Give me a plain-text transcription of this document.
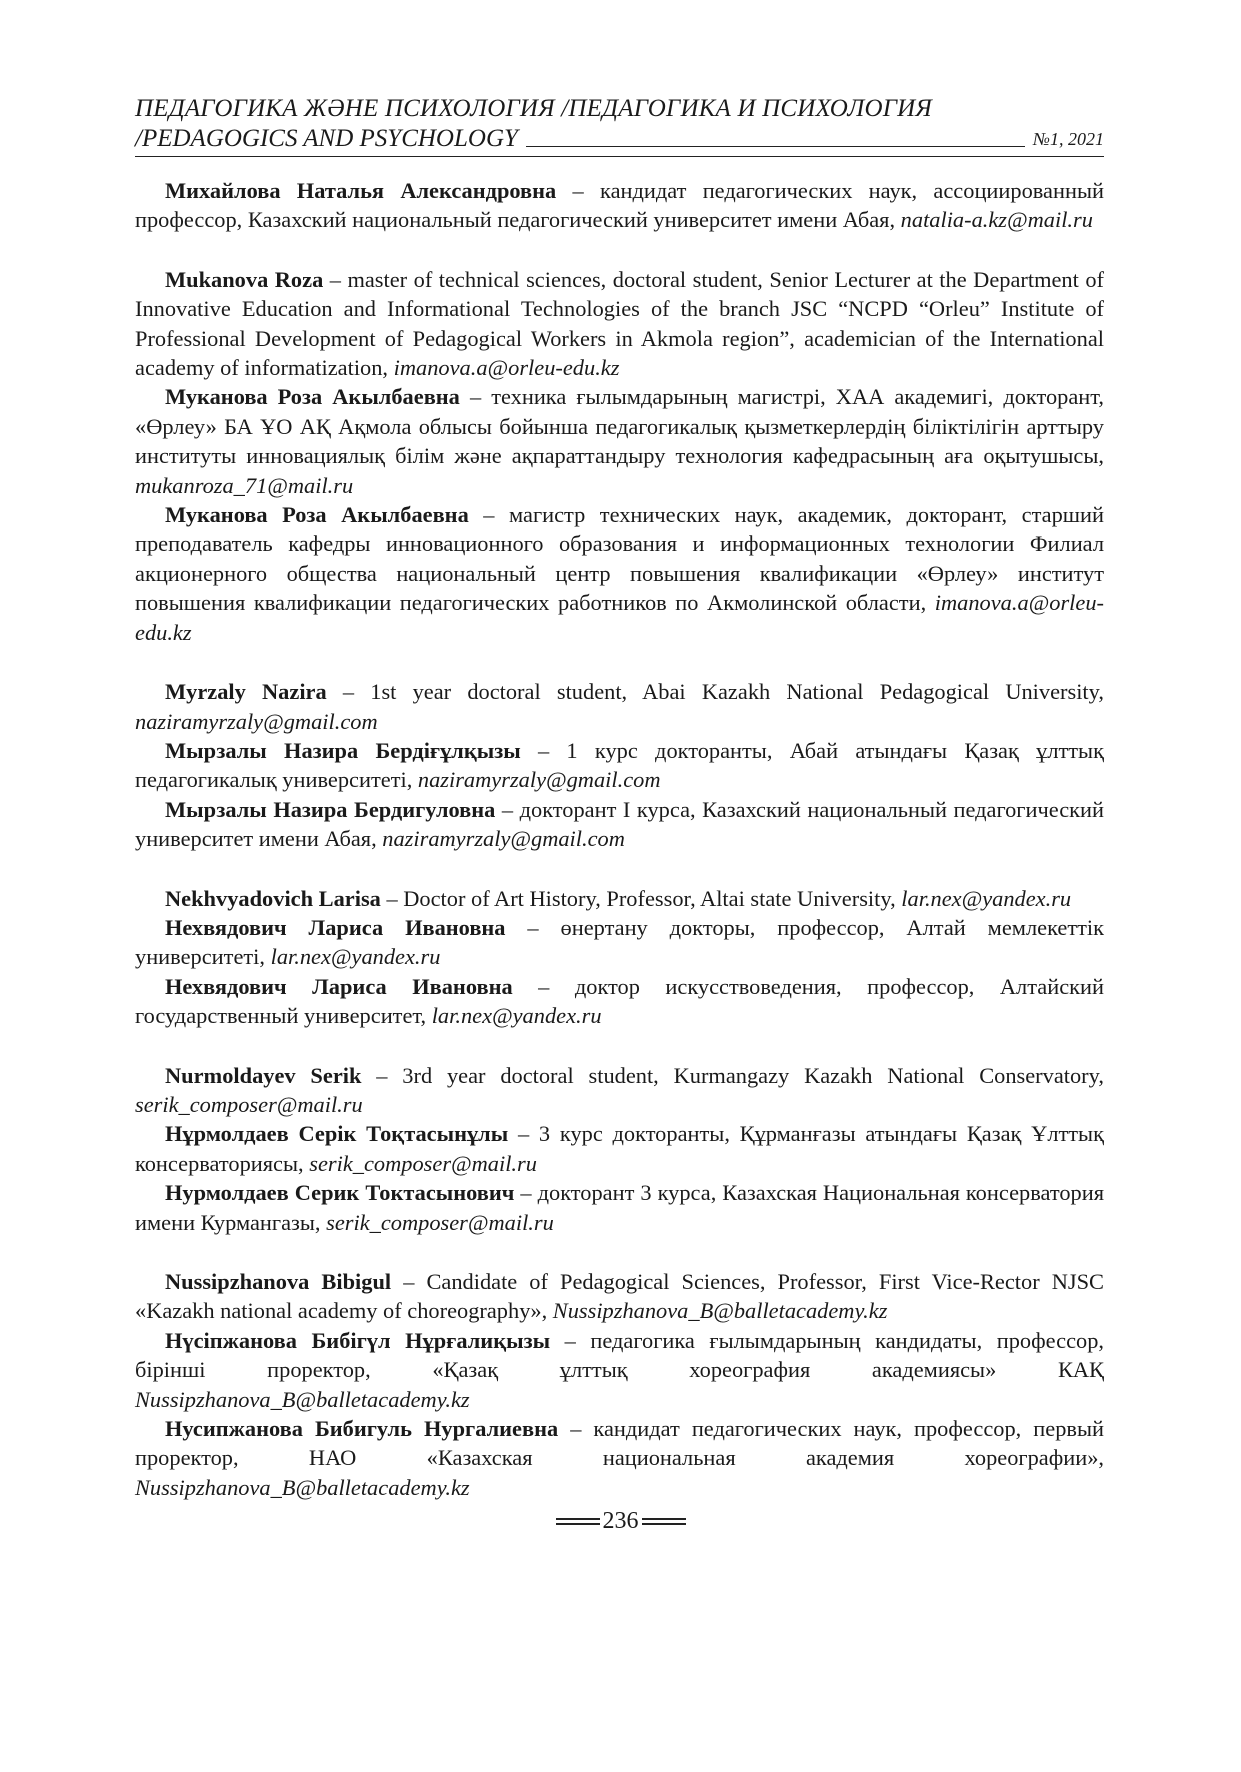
ПЕДАГОГИКА ЖӘНЕ ПСИХОЛОГИЯ /ПЕДАГОГИКА И ПСИХОЛОГИЯ
/PEDAGOGICS AND PSYCHOLOGY	№1, 2021

Михайлова Наталья Александровна – кандидат педагогических наук, ассоциированный профессор, Казахский национальный педагогический университет имени Абая, natalia-a.kz@mail.ru

Mukanova Roza – master of technical sciences, doctoral student, Senior Lecturer at the Department of Innovative Education and Informational Technologies of the branch JSC “NCPD “Orleu” Institute of Professional Development of Pedagogical Workers in Akmola region”, academician of the International academy of informatization, imanova.a@orleu-edu.kz

Муканова Роза Акылбаевна – техника ғылымдарының магистрі, ХАА академигі, докторант, «Өрлеу» БА ҰО АҚ Ақмола облысы бойынша педагогикалық қызметкерлердің біліктілігін арттыру институты инновациялық білім және ақпараттандыру технология кафедрасының аға оқытушысы, mukanroza_71@mail.ru

Муканова Роза Акылбаевна – магистр технических наук, академик, докторант, старший преподаватель кафедры инновационного образования и информационных технологии Филиал акционерного общества национальный центр повышения квалификации «Өрлеу» институт повышения квалификации педагогических работников по Акмолинской области, imanova.a@orleu-edu.kz

Myrzaly Nazira – 1st year doctoral student, Abai Kazakh National Pedagogical University, naziramyrzaly@gmail.com

Мырзалы Назира Бердіғұлқызы – 1 курс докторанты, Абай атындағы Қазақ ұлттық педагогикалық университеті, naziramyrzaly@gmail.com

Мырзалы Назира Бердигуловна – докторант I курса, Казахский национальный педагогический университет имени Абая, naziramyrzaly@gmail.com

Nekhvyadovich Larisa – Doctor of Art History, Professor, Altai state University, lar.nex@yandex.ru

Нехвядович Лариса Ивановна – өнертану докторы, профессор, Алтай мемлекеттік университеті, lar.nex@yandex.ru

Нехвядович Лариса Ивановна – доктор искусствоведения, профессор, Алтайский государственный университет, lar.nex@yandex.ru

Nurmoldayev Serik – 3rd year doctoral student, Kurmangazy Kazakh National Conservatory, serik_composer@mail.ru

Нұрмолдаев Серік Тоқтасынұлы – 3 курс докторанты, Құрманғазы атындағы Қазақ Ұлттық консерваториясы, serik_composer@mail.ru

Нурмолдаев Серик Токтасынович – докторант 3 курса, Казахская Национальная консерватория имени Курмангазы, serik_composer@mail.ru

Nussipzhanova Bibigul – Candidate of Pedagogical Sciences, Professor, First Vice-Rector NJSC «Kazakh national academy of choreography», Nussipzhanova_B@balletacademy.kz

Нүсіпжанова Бибігүл Нұрғалиқызы – педагогика ғылымдарының кандидаты, профессор, бірінші проректор, «Қазақ ұлттық хореография академиясы» КАҚ Nussipzhanova_B@balletacademy.kz

Нусипжанова Бибигуль Нургалиевна – кандидат педагогических наук, профессор, первый проректор, НАО «Казахская национальная академия хореографии», Nussipzhanova_B@balletacademy.kz

236
